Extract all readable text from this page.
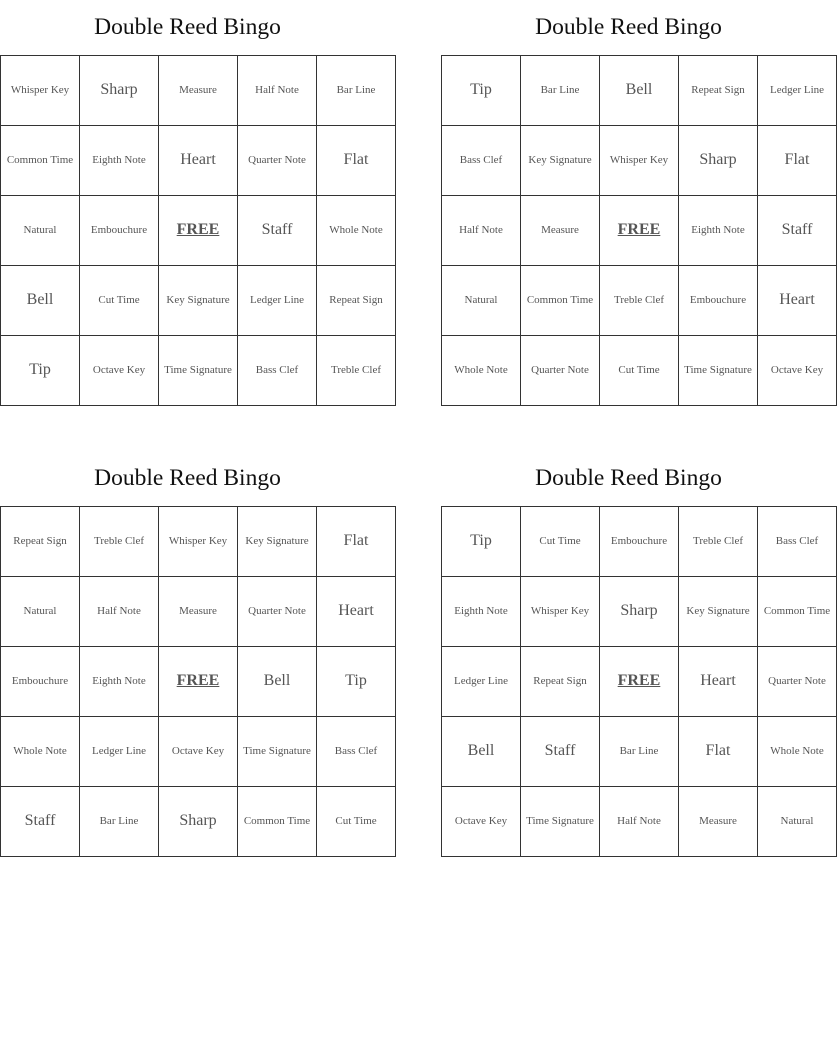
Double Reed Bingo
Whisper Key	Sharp	Measure	Half Note	Bar Line
Common Time	Eighth Note	Heart	Quarter Note	Flat
Natural	Embouchure	FREE	Staff	Whole Note
Bell	Cut Time	Key Signature	Ledger Line	Repeat Sign
Tip	Octave Key	Time Signature	Bass Clef	Treble Clef
Double Reed Bingo
Tip	Bar Line	Bell	Repeat Sign	Ledger Line
Bass Clef	Key Signature	Whisper Key	Sharp	Flat
Half Note	Measure	FREE	Eighth Note	Staff
Natural	Common Time	Treble Clef	Embouchure	Heart
Whole Note	Quarter Note	Cut Time	Time Signature	Octave Key
Double Reed Bingo
Repeat Sign	Treble Clef	Whisper Key	Key Signature	Flat
Natural	Half Note	Measure	Quarter Note	Heart
Embouchure	Eighth Note	FREE	Bell	Tip
Whole Note	Ledger Line	Octave Key	Time Signature	Bass Clef
Staff	Bar Line	Sharp	Common Time	Cut Time
Double Reed Bingo
Tip	Cut Time	Embouchure	Treble Clef	Bass Clef
Eighth Note	Whisper Key	Sharp	Key Signature	Common Time
Ledger Line	Repeat Sign	FREE	Heart	Quarter Note
Bell	Staff	Bar Line	Flat	Whole Note
Octave Key	Time Signature	Half Note	Measure	Natural
